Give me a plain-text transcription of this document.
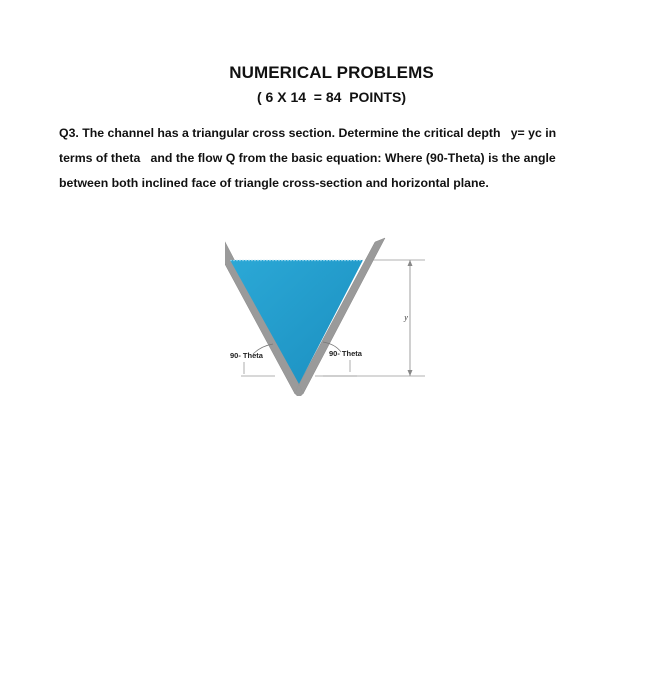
NUMERICAL PROBLEMS
( 6 X 14  = 84  POINTS)
Q3. The channel has a triangular cross section. Determine the critical depth   y= yc in
terms of theta   and the flow Q from the basic equation: Where (90-Theta) is the angle
between both inclined face of triangle cross-section and horizontal plane.
y
90- Theta	90- Theta
